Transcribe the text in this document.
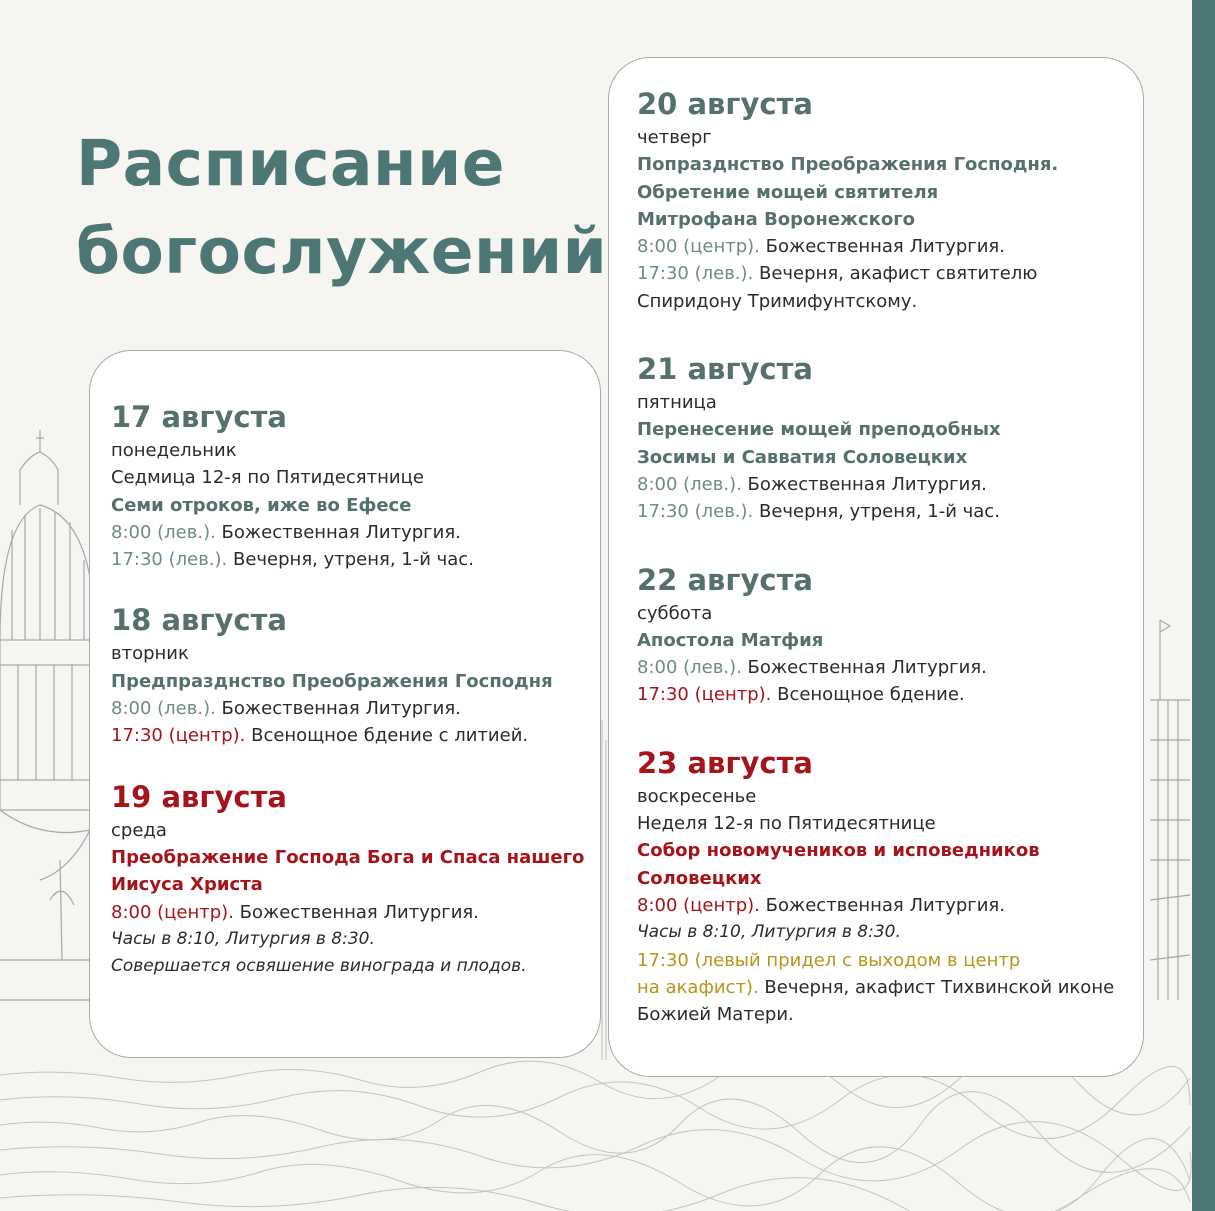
Расписание
богослужений
17 августа
понедельник
Седмица 12-я по Пятидесятнице
Семи отроков, иже во Ефесе
8:00 (лев.). Божественная Литургия.
17:30 (лев.). Вечерня, утреня, 1-й час.
18 августа
вторник
Предпразднство Преображения Господня
8:00 (лев.). Божественная Литургия.
17:30 (центр). Всенощное бдение с литией.
19 августа
среда
Преображение Господа Бога и Спаса нашего
Иисуса Христа
8:00 (центр). Божественная Литургия.
Часы в 8:10, Литургия в 8:30.
Совершается освяшение винограда и плодов.
20 августа
четверг
Попразднство Преображения Господня.
Обретение мощей святителя
Митрофана Воронежского
8:00 (центр). Божественная Литургия.
17:30 (лев.). Вечерня, акафист святителю
Спиридону Тримифунтскому.
21 августа
пятница
Перенесение мощей преподобных
Зосимы и Савватия Соловецких
8:00 (лев.). Божественная Литургия.
17:30 (лев.). Вечерня, утреня, 1-й час.
22 августа
суббота
Апостола Матфия
8:00 (лев.). Божественная Литургия.
17:30 (центр). Всенощное бдение.
23 августа
воскресенье
Неделя 12-я по Пятидесятнице
Собор новомучеников и исповедников
Соловецких
8:00 (центр). Божественная Литургия.
Часы в 8:10, Литургия в 8:30.
17:30 (левый придел с выходом в центр
на акафист). Вечерня, акафист Тихвинской иконе
Божией Матери.
